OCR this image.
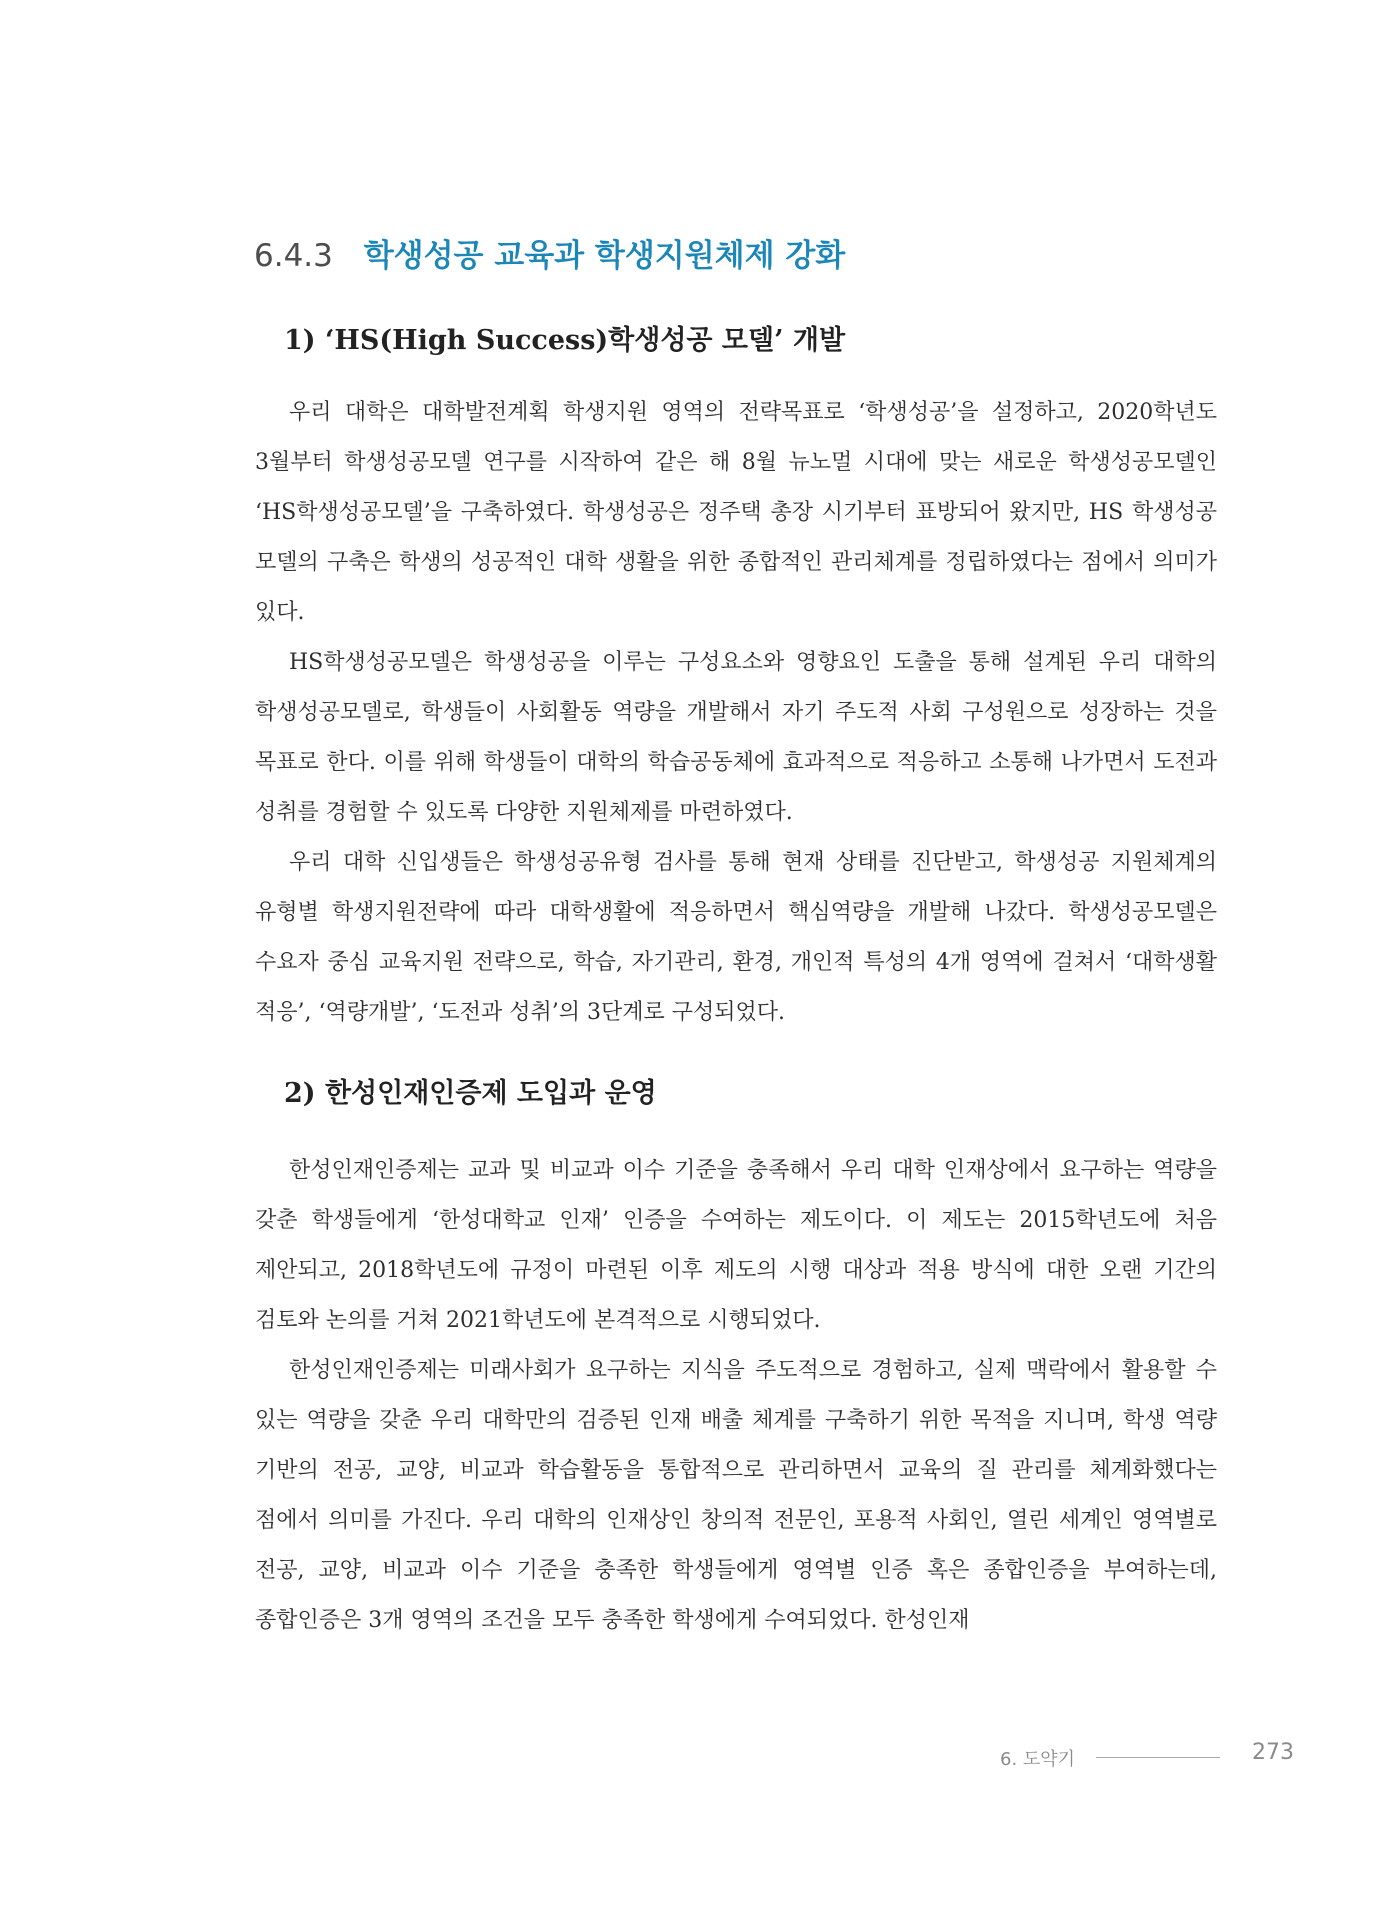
6.4.3 학생성공 교육과 학생지원체제 강화
1) ‘HS(High Success)학생성공 모델’ 개발

우리 대학은 대학발전계획 학생지원 영역의 전략목표로 ‘학생성공’을 설정하고, 2020학년도 3월부터 학생성공모델 연구를 시작하여 같은 해 8월 뉴노멀 시대에 맞는 새로운 학생성공모델인 ‘HS학생성공모델’을 구축하였다. 학생성공은 정주택 총장 시기부터 표방되어 왔지만, HS 학생성공 모델의 구축은 학생의 성공적인 대학 생활을 위한 종합적인 관리체계를 정립하였다는 점에서 의미가 있다.

HS학생성공모델은 학생성공을 이루는 구성요소와 영향요인 도출을 통해 설계된 우리 대학의 학생성공모델로, 학생들이 사회활동 역량을 개발해서 자기 주도적 사회 구성원으로 성장하는 것을 목표로 한다. 이를 위해 학생들이 대학의 학습공동체에 효과적으로 적응하고 소통해 나가면서 도전과 성취를 경험할 수 있도록 다양한 지원체제를 마련하였다.

우리 대학 신입생들은 학생성공유형 검사를 통해 현재 상태를 진단받고, 학생성공 지원체계의 유형별 학생지원전략에 따라 대학생활에 적응하면서 핵심역량을 개발해 나갔다. 학생성공모델은 수요자 중심 교육지원 전략으로, 학습, 자기관리, 환경, 개인적 특성의 4개 영역에 걸쳐서 ‘대학생활 적응’, ‘역량개발’, ‘도전과 성취’의 3단계로 구성되었다.

2) 한성인재인증제 도입과 운영

한성인재인증제는 교과 및 비교과 이수 기준을 충족해서 우리 대학 인재상에서 요구하는 역량을 갖춘 학생들에게 ‘한성대학교 인재’ 인증을 수여하는 제도이다. 이 제도는 2015학년도에 처음 제안되고, 2018학년도에 규정이 마련된 이후 제도의 시행 대상과 적용 방식에 대한 오랜 기간의 검토와 논의를 거쳐 2021학년도에 본격적으로 시행되었다.

한성인재인증제는 미래사회가 요구하는 지식을 주도적으로 경험하고, 실제 맥락에서 활용할 수 있는 역량을 갖춘 우리 대학만의 검증된 인재 배출 체계를 구축하기 위한 목적을 지니며, 학생 역량 기반의 전공, 교양, 비교과 학습활동을 통합적으로 관리하면서 교육의 질 관리를 체계화했다는 점에서 의미를 가진다. 우리 대학의 인재상인 창의적 전문인, 포용적 사회인, 열린 세계인 영역별로 전공, 교양, 비교과 이수 기준을 충족한 학생들에게 영역별 인증 혹은 종합인증을 부여하는데, 종합인증은 3개 영역의 조건을 모두 충족한 학생에게 수여되었다. 한성인재

6. 도약기	273
